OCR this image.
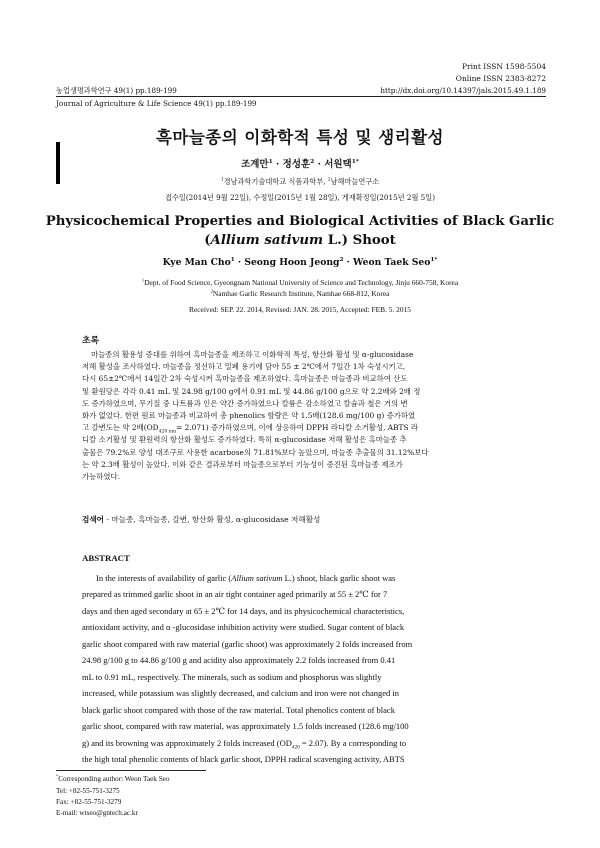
Print ISSN 1598-5504
Online ISSN 2383-8272
농업생명과학연구 49(1) pp.189-199	http://dx.doi.org/10.14397/jals.2015.49.1.189
Journal of Agriculture & Life Science 49(1) pp.189-199
흑마늘종의 이화학적 특성 및 생리활성
조계만$^1$ · 정성훈$^2$ · 서원택$^{1*}$
$^1$경남과학기술대학교 식품과학부, $^2$남해마늘연구소
접수일(2014년 9월 22일), 수정일(2015년 1월 28일), 게재확정일(2015년 2월 5일)
Physicochemical Properties and Biological Activities of Black Garlic
(Allium sativum L.) Shoot
Kye Man Cho$^1$ · Seong Hoon Jeong$^2$ · Weon Taek Seo$^{1*}$
$^1$Dept. of Food Science, Gyeongnam National University of Science and Technology, Jinju 660-758, Korea
$^2$Namhae Garlic Research Institute, Namhae 668-812, Korea
Received: SEP. 22. 2014, Revised: JAN. 28. 2015, Accepted: FEB. 5. 2015
초록
마늘종의 활용성 증대를 위하여 흑마늘종을 제조하고 이화학적 특성, 항산화 활성 및 α-glucosidase
저해 활성을 조사하였다. 마늘종을 정선하고 밀폐 용기에 담아 55 ± 2℃에서 7일간 1차 숙성시키고,
다시 65±2℃에서 14일간 2차 숙성시켜 흑마늘종을 제조하였다. 흑마늘종은 마늘종과 비교하여 산도
및 환원당은 각각 0.41 mL 및 24.98 g/100 g에서 0.91 mL 및 44.86 g/100 g으로 약 2.2배와 2배 정
도 증가하였으며, 무기질 중 나트륨과 인은 약간 증가하였으나 칼륨은 감소하였고 칼슘과 철은 거의 변
화가 없었다. 한편 원료 마늘종과 비교하여 총 phenolics 함량은 약 1.5배(128.6 mg/100 g) 증가하였
고 갈변도는 약 2배$(OD_{420 nm}= 2.071)$ 증가하였으며, 이에 상응하여 DPPH 라디칼 소거활성, ABTS 라
디칼 소거활성 및 환원력의 항산화 활성도 증가하였다. 특히 α-glucosidase 저해 활성은 흑마늘종 추
출물은 79.2%로 양성 대조구로 사용한 acarbose의 71.81%보다 높았으며, 마늘종 추출물의 31.12%보다
는 약 2.3배 활성이 높았다. 이와 같은 결과로부터 마늘종으로부터 기능성이 증진된 흑마늘종 제조가
가능하였다.
검색어 - 마늘종, 흑마늘종, 갈변, 항산화 활성, α-glucosidase 저해활성
ABSTRACT
In the interests of availability of garlic (Allium sativum L.) shoot, black garlic shoot was
prepared as trimmed garlic shoot in an air tight container aged primarily at 55 ± 2℃ for 7
days and then aged secondary at 65 ± 2℃ for 14 days, and its physicochemical characteristics,
antioxidant activity, and α -glucosidase inhibition activity were studied. Sugar content of black
garlic shoot compared with raw material (garlic shoot) was approximately 2 folds increased from
24.98 g/100 g to 44.86 g/100 g and acidity also approximately 2.2 folds increased from 0.41
mL to 0.91 mL, respectively. The minerals, such as sodium and phosphorus was slightly
increased, while potassium was slightly decreased, and calcium and iron were not changed in
black garlic shoot compared with those of the raw material. Total phenolics content of black
garlic shoot, compared with raw material, was approximately 1.5 folds increased (128.6 mg/100
g) and its browning was approximately 2 folds increased $(OD_{420} = 2.07)$. By a corresponding to
the high total phenolic contents of black garlic shoot, DPPH radical scavenging activity, ABTS
*Corresponding author: Weon Taek Seo
Tel: +82-55-751-3275
Fax: +82-55-751-3279
E-mail: wtseo@gntech.ac.kr
